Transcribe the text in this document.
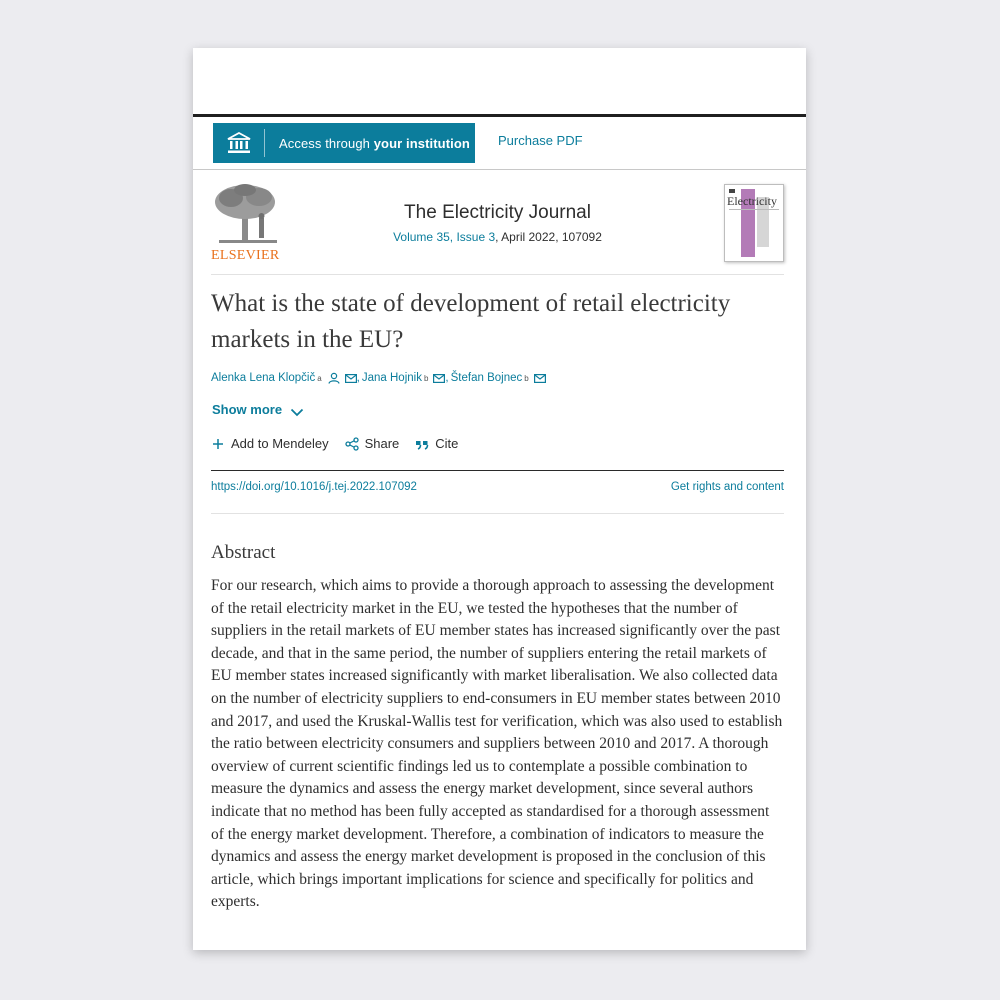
Access through your institution Purchase PDF
ELSEVIER
The Electricity Journal
Volume 35, Issue 3, April 2022, 107092
Electricity
What is the state of development of retail electricity markets in the EU?
Alenka Lena Klopčič a	, Jana Hojnik b , Štefan Bojnec b
Show more
Add to Mendeley	Share	Cite
https://doi.org/10.1016/j.tej.2022.107092	Get rights and content
Abstract
For our research, which aims to provide a thorough approach to assessing the development of the retail electricity market in the EU, we tested the hypotheses that the number of suppliers in the retail markets of EU member states has increased significantly over the past decade, and that in the same period, the number of suppliers entering the retail markets of EU member states increased significantly with market liberalisation. We also collected data on the number of electricity suppliers to end-consumers in EU member states between 2010 and 2017, and used the Kruskal-Wallis test for verification, which was also used to establish the ratio between electricity consumers and suppliers between 2010 and 2017. A thorough overview of current scientific findings led us to contemplate a possible combination to measure the dynamics and assess the energy market development, since several authors indicate that no method has been fully accepted as standardised for a thorough assessment of the energy market development. Therefore, a combination of indicators to measure the dynamics and assess the energy market development is proposed in the conclusion of this article, which brings important implications for science and specifically for politics and experts.
